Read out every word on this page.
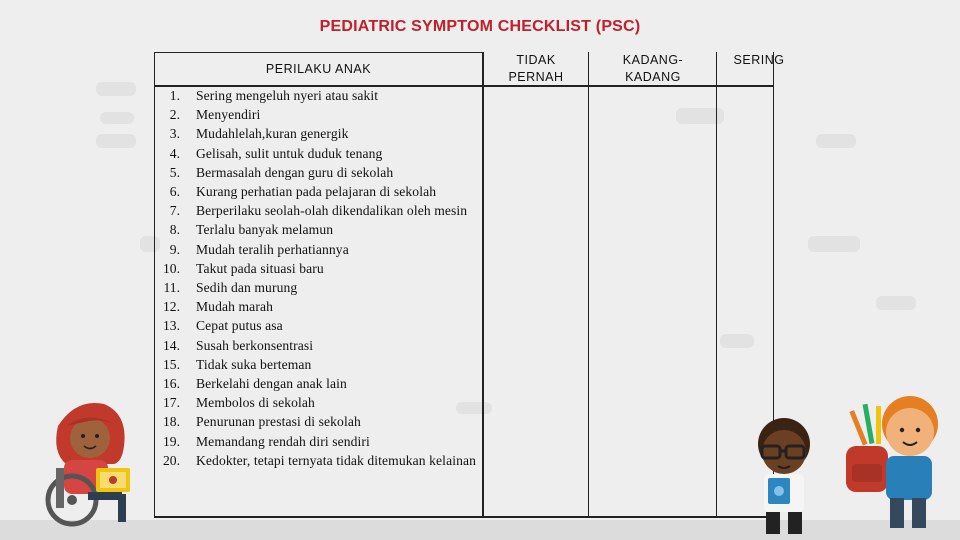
PEDIATRIC SYMPTOM CHECKLIST (PSC)
PERILAKU ANAK
TIDAK PERNAH
KADANG-KADANG
SERING
1. Sering mengeluh nyeri atau sakit
2. Menyendiri
3. Mudahlelah,kuran genergik
4. Gelisah, sulit untuk duduk tenang
5. Bermasalah dengan guru di sekolah
6. Kurang perhatian pada pelajaran di sekolah
7. Berperilaku seolah-olah dikendalikan oleh mesin
8. Terlalu banyak melamun
9. Mudah teralih perhatiannya
10. Takut pada situasi baru
11. Sedih dan murung
12. Mudah marah
13. Cepat putus asa
14. Susah berkonsentrasi
15. Tidak suka berteman
16. Berkelahi dengan anak lain
17. Membolos di sekolah
18. Penurunan prestasi di sekolah
19. Memandang rendah diri sendiri
20. Kedokter, tetapi ternyata tidak ditemukan kelainan
